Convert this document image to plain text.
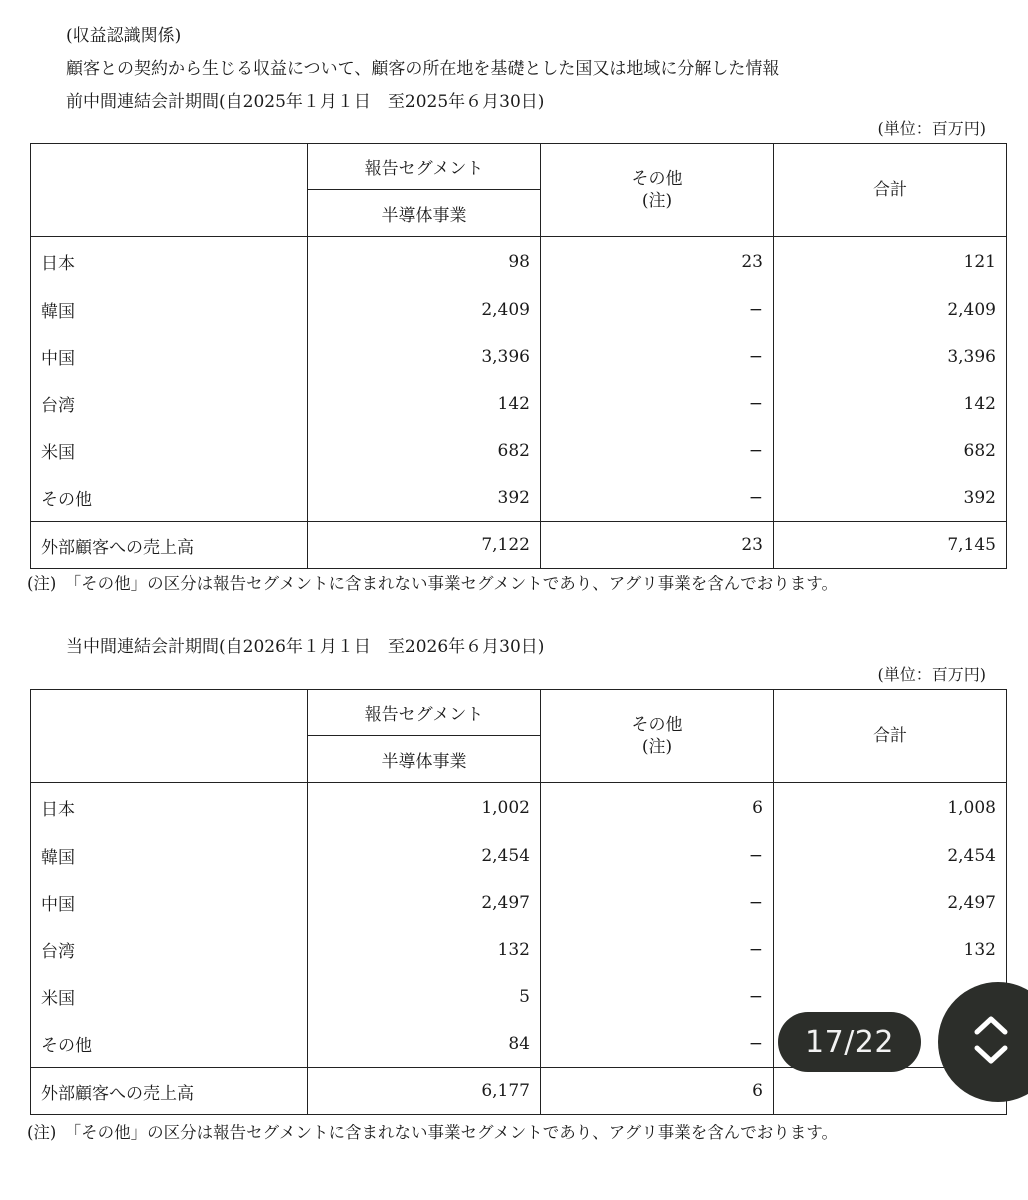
(収益認識関係)
顧客との契約から生じる収益について、顧客の所在地を基礎とした国又は地域に分解した情報
前中間連結会計期間(自2025年１月１日　至2025年６月30日)
(単位：百万円)
	報告セグメント	その他
(注)	合計
	半導体事業		
日本	98	23	121
韓国	2,409	−	2,409
中国	3,396	−	3,396
台湾	142	−	142
米国	682	−	682
その他	392	−	392
外部顧客への売上高	7,122	23	7,145
(注)　「その他」の区分は報告セグメントに含まれない事業セグメントであり、アグリ事業を含んでおります。
当中間連結会計期間(自2026年１月１日　至2026年６月30日)
(単位：百万円)
	報告セグメント	その他
(注)	合計
	半導体事業		
日本	1,002	6	1,008
韓国	2,454	−	2,454
中国	2,497	−	2,497
台湾	132	−	132
米国	5	−	
その他	84	−	
外部顧客への売上高	6,177	6	
(注)　「その他」の区分は報告セグメントに含まれない事業セグメントであり、アグリ事業を含んでおります。
17/22
